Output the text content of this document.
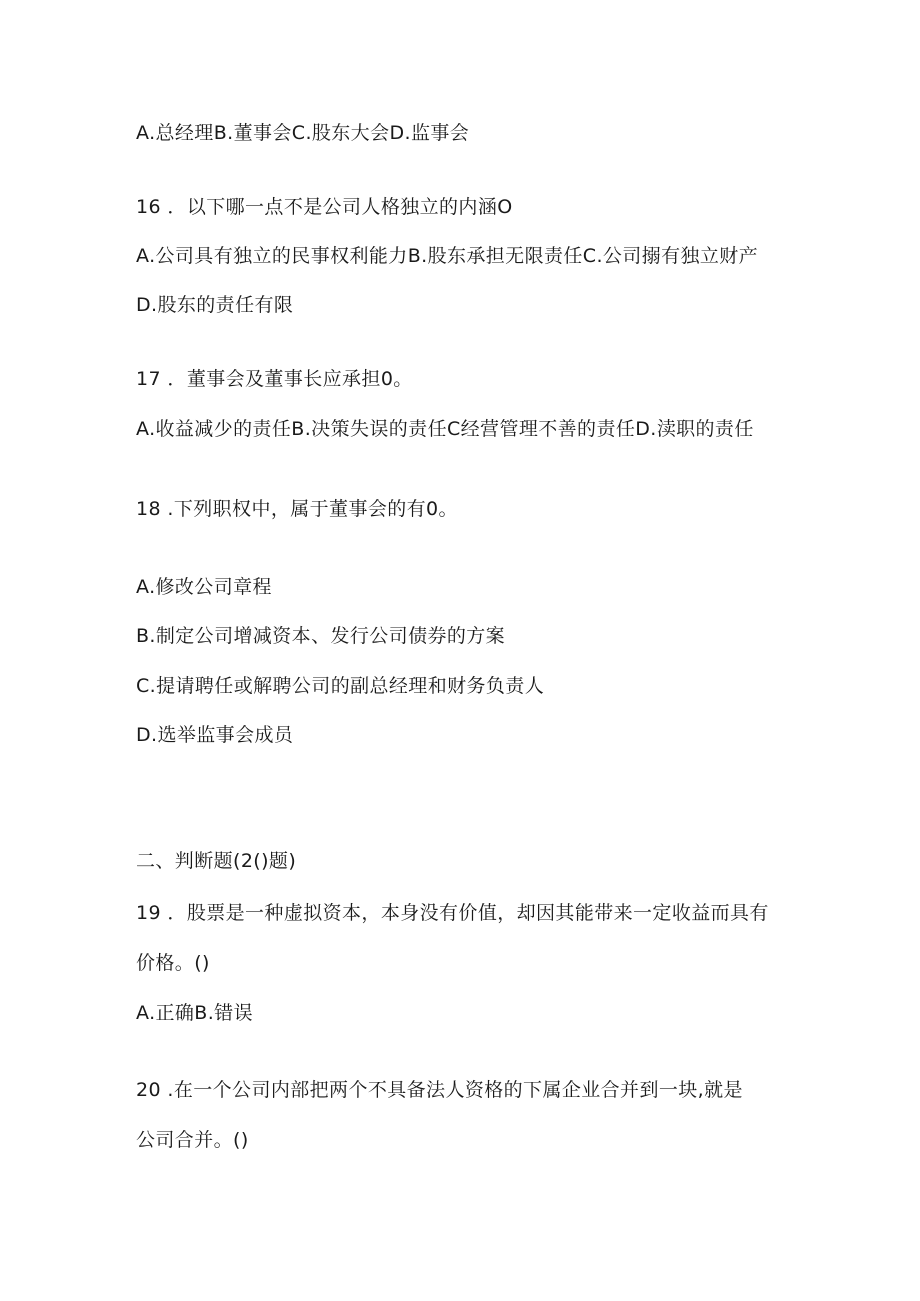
A.总经理B.董事会C.股东大会D.监事会
16 ．以下哪一点不是公司人格独立的内涵O
A.公司具有独立的民事权利能力B.股东承担无限责任C.公司搦有独立财产
D.股东的责任有限
17 ．董事会及董事长应承担0。
A.收益减少的责任B.决策失误的责任C经营管理不善的责任D.渎职的责任
18 .下列职权中，属于董事会的有0。
A.修改公司章程
B.制定公司增减资本、发行公司债券的方案
C.提请聘任或解聘公司的副总经理和财务负责人
D.选举监事会成员
二、判断题(2()题)
19 ．股票是一种虚拟资本，本身没有价值，却因其能带来一定收益而具有
价格。()
A.正确B.错误
20 .在一个公司内部把两个不具备法人资格的下属企业合并到一块,就是
公司合并。()
